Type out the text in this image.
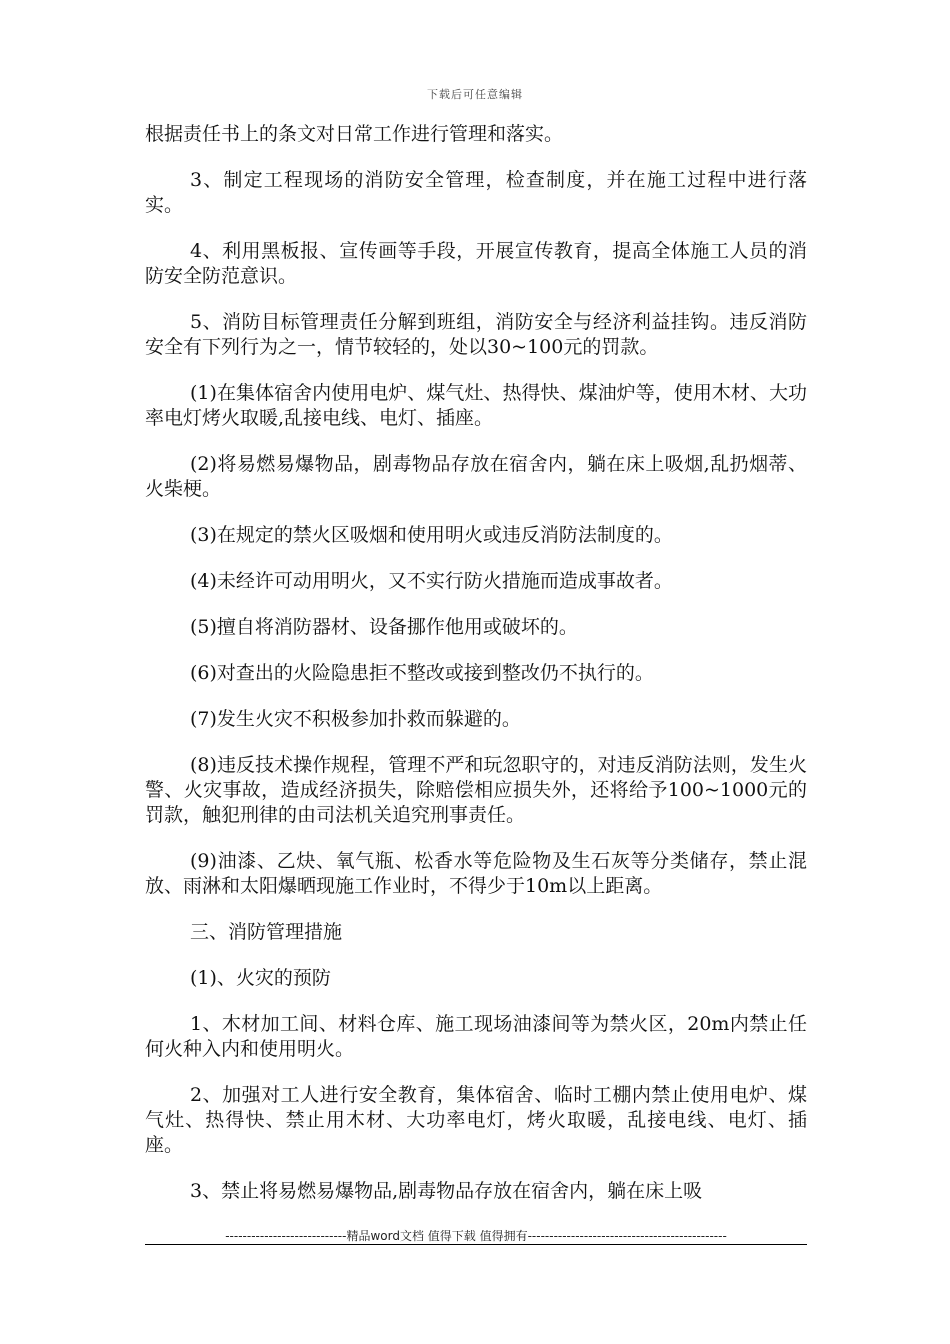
下载后可任意编辑

根据责任书上的条文对日常工作进行管理和落实。

3、制定工程现场的消防安全管理，检查制度，并在施工过程中进行落实。

4、利用黑板报、宣传画等手段，开展宣传教育，提高全体施工人员的消防安全防范意识。

5、消防目标管理责任分解到班组，消防安全与经济利益挂钩。违反消防安全有下列行为之一，情节较轻的，处以30~100元的罚款。

(1)在集体宿舍内使用电炉、煤气灶、热得快、煤油炉等，使用木材、大功率电灯烤火取暖,乱接电线、电灯、插座。

(2)将易燃易爆物品，剧毒物品存放在宿舍内，躺在床上吸烟,乱扔烟蒂、火柴梗。

(3)在规定的禁火区吸烟和使用明火或违反消防法制度的。

(4)未经许可动用明火，又不实行防火措施而造成事故者。

(5)擅自将消防器材、设备挪作他用或破坏的。

(6)对查出的火险隐患拒不整改或接到整改仍不执行的。

(7)发生火灾不积极参加扑救而躲避的。

(8)违反技术操作规程，管理不严和玩忽职守的，对违反消防法则，发生火警、火灾事故，造成经济损失，除赔偿相应损失外，还将给予100~1000元的罚款，触犯刑律的由司法机关追究刑事责任。

(9)油漆、乙炔、氧气瓶、松香水等危险物及生石灰等分类储存，禁止混放、雨淋和太阳爆晒现施工作业时，不得少于10m以上距离。

三、消防管理措施

(1)、火灾的预防

1、木材加工间、材料仓库、施工现场油漆间等为禁火区，20m内禁止任何火种入内和使用明火。

2、加强对工人进行安全教育，集体宿舍、临时工棚内禁止使用电炉、煤气灶、热得快、禁止用木材、大功率电灯，烤火取暖，乱接电线、电灯、插座。

3、禁止将易燃易爆物品,剧毒物品存放在宿舍内，躺在床上吸

----------------------------精品word文档 值得下载 值得拥有----------------------------------------------
